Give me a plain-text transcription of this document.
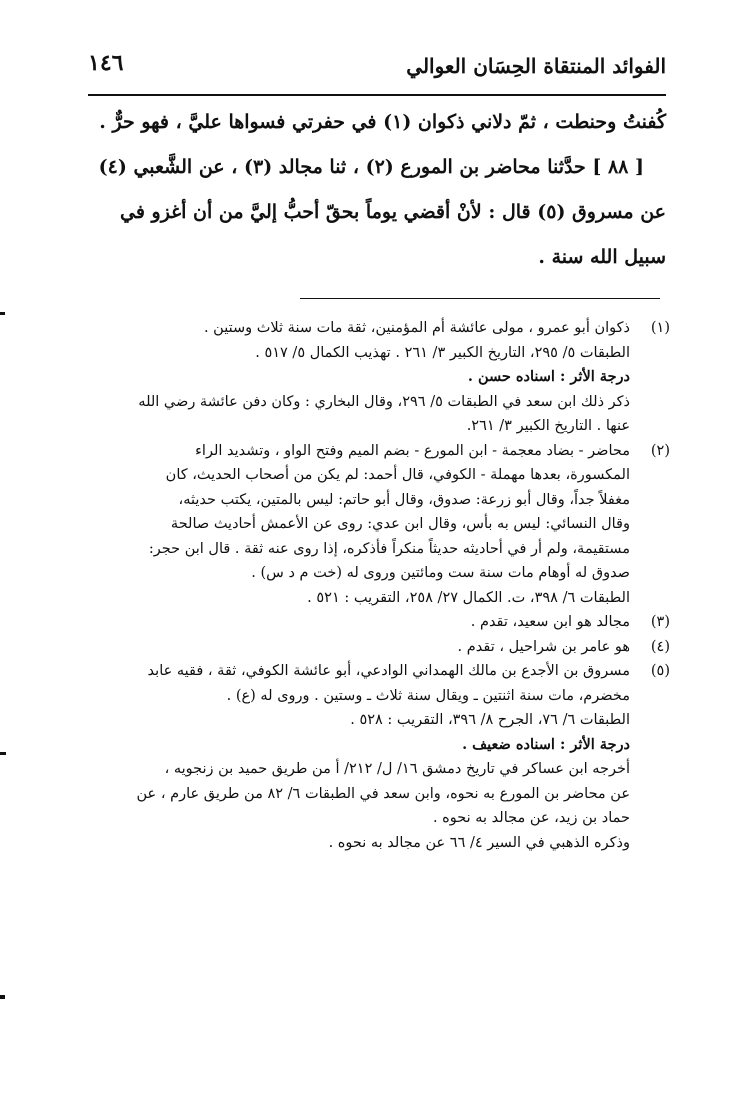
الفوائد المنتقاة الحِسَان العوالي
١٤٦

كُفنتُ وحنطت ، ثمّ دلاني ذكوان (١) في حفرتي فسواها عليَّ ، فهو حرٌّ .

[ ٨٨ ] حدَّثنا محاضر بن المورع (٢) ، ثنا مجالد (٣) ، عن الشَّعبي (٤)

عن مسروق (٥) قال : لأنْ أقضي يوماً بحقّ أحبُّ إليَّ من أن أغزو في

سبيل الله سنة .

(١)

ذكوان أبو عمرو ، مولى عائشة أم المؤمنين، ثقة مات سنة ثلاث وستين .

الطبقات ٥/ ٢٩٥، التاريخ الكبير ٣/ ٢٦١ . تهذيب الكمال ٥/ ٥١٧ .

درجة الأثر : اسناده حسن .

ذكر ذلك ابن سعد في الطبقات ٥/ ٢٩٦، وقال البخاري : وكان دفن عائشة رضي الله

عنها . التاريخ الكبير ٣/ ٢٦١.

(٢)

محاضر - بضاد معجمة - ابن المورع - بضم الميم وفتح الواو ، وتشديد الراء

المكسورة، بعدها مهملة - الكوفي، قال أحمد: لم يكن من أصحاب الحديث، كان

مغفلاً جداً، وقال أبو زرعة: صدوق، وقال أبو حاتم: ليس بالمتين، يكتب حديثه،

وقال النسائي: ليس به بأس، وقال ابن عدي: روى عن الأعمش أحاديث صالحة

مستقيمة، ولم أر في أحاديثه حديثاً منكراً فأذكره، إذا روى عنه ثقة . قال ابن حجر:

صدوق له أوهام مات سنة ست ومائتين وروى له (خت م د س) .

الطبقات ٦/ ٣٩٨، ت. الكمال ٢٧/ ٢٥٨، التقريب : ٥٢١ .

(٣)

مجالد هو ابن سعيد، تقدم .

(٤)

هو عامر بن شراحيل ، تقدم .

(٥)

مسروق بن الأجدع بن مالك الهمداني الوادعي، أبو عائشة الكوفي، ثقة ، فقيه عابد

مخضرم، مات سنة اثنتين ـ ويقال سنة ثلاث ـ وستين . وروى له (ع) .

الطبقات ٦/ ٧٦، الجرح ٨/ ٣٩٦، التقريب : ٥٢٨ .

درجة الأثر : اسناده ضعيف .

أخرجه ابن عساكر في تاريخ دمشق ١٦/ ل/ ٢١٢/ أ من طريق حميد بن زنجويه ،

عن محاضر بن المورع به نحوه، وابن سعد في الطبقات ٦/ ٨٢ من طريق عارم ، عن

حماد بن زيد، عن مجالد به نحوه .

وذكره الذهبي في السير ٤/ ٦٦ عن مجالد به نحوه .
